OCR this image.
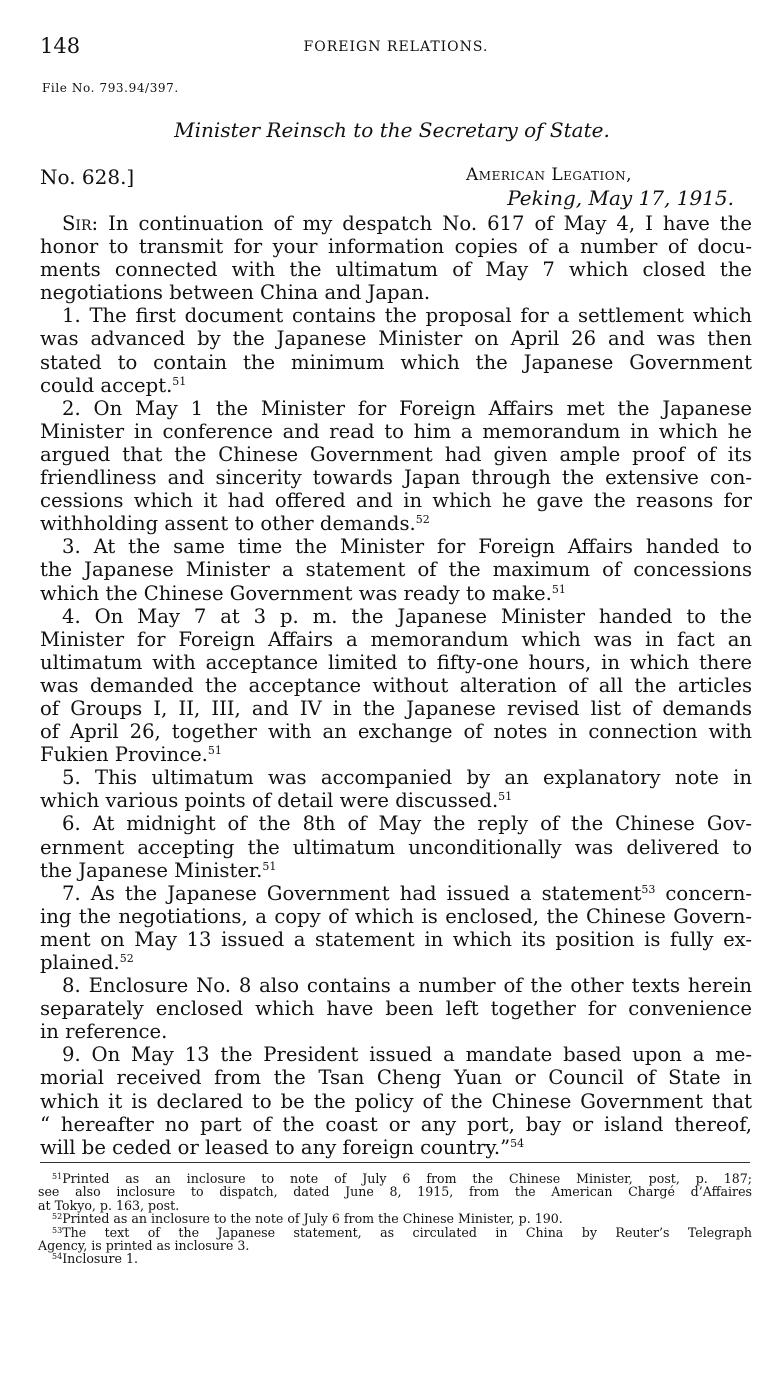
148	FOREIGN RELATIONS.
File No. 793.94/397.
Minister Reinsch to the Secretary of State.
No. 628.]	American Legation,
Peking, May 17, 1915.
Sir: In continuation of my despatch No. 617 of May 4, I have the
honor to transmit for your information copies of a number of docu-
ments connected with the ultimatum of May 7 which closed the
negotiations between China and Japan.
1. The first document contains the proposal for a settlement which
was advanced by the Japanese Minister on April 26 and was then
stated to contain the minimum which the Japanese Government
could accept.$^{51}$
2. On May 1 the Minister for Foreign Affairs met the Japanese
Minister in conference and read to him a memorandum in which he
argued that the Chinese Government had given ample proof of its
friendliness and sincerity towards Japan through the extensive con-
cessions which it had offered and in which he gave the reasons for
withholding assent to other demands.$^{52}$
3. At the same time the Minister for Foreign Affairs handed to
the Japanese Minister a statement of the maximum of concessions
which the Chinese Government was ready to make.$^{51}$
4. On May 7 at 3 p. m. the Japanese Minister handed to the
Minister for Foreign Affairs a memorandum which was in fact an
ultimatum with acceptance limited to fifty-one hours, in which there
was demanded the acceptance without alteration of all the articles
of Groups I, II, III, and IV in the Japanese revised list of demands
of April 26, together with an exchange of notes in connection with
Fukien Province.$^{51}$
5. This ultimatum was accompanied by an explanatory note in
which various points of detail were discussed.$^{51}$
6. At midnight of the 8th of May the reply of the Chinese Gov-
ernment accepting the ultimatum unconditionally was delivered to
the Japanese Minister.$^{51}$
7. As the Japanese Government had issued a statement$^{53}$ concern-
ing the negotiations, a copy of which is enclosed, the Chinese Govern-
ment on May 13 issued a statement in which its position is fully ex-
plained.$^{52}$
8. Enclosure No. 8 also contains a number of the other texts herein
separately enclosed which have been left together for convenience
in reference.
9. On May 13 the President issued a mandate based upon a me-
morial received from the Tsan Cheng Yuan or Council of State in
which it is declared to be the policy of the Chinese Government that
“ hereafter no part of the coast or any port, bay or island thereof,
will be ceded or leased to any foreign country.”$^{54}$
$^{51}$Printed as an inclosure to note of July 6 from the Chinese Minister, post, p. 187;
see also inclosure to dispatch, dated June 8, 1915, from the American Chargé d’Affaires
at Tokyo, p. 163, post.
$^{52}$Printed as an inclosure to the note of July 6 from the Chinese Minister, p. 190.
$^{53}$The text of the Japanese statement, as circulated in China by Reuter’s Telegraph
Agency, is printed as inclosure 3.
$^{54}$Inclosure 1.
